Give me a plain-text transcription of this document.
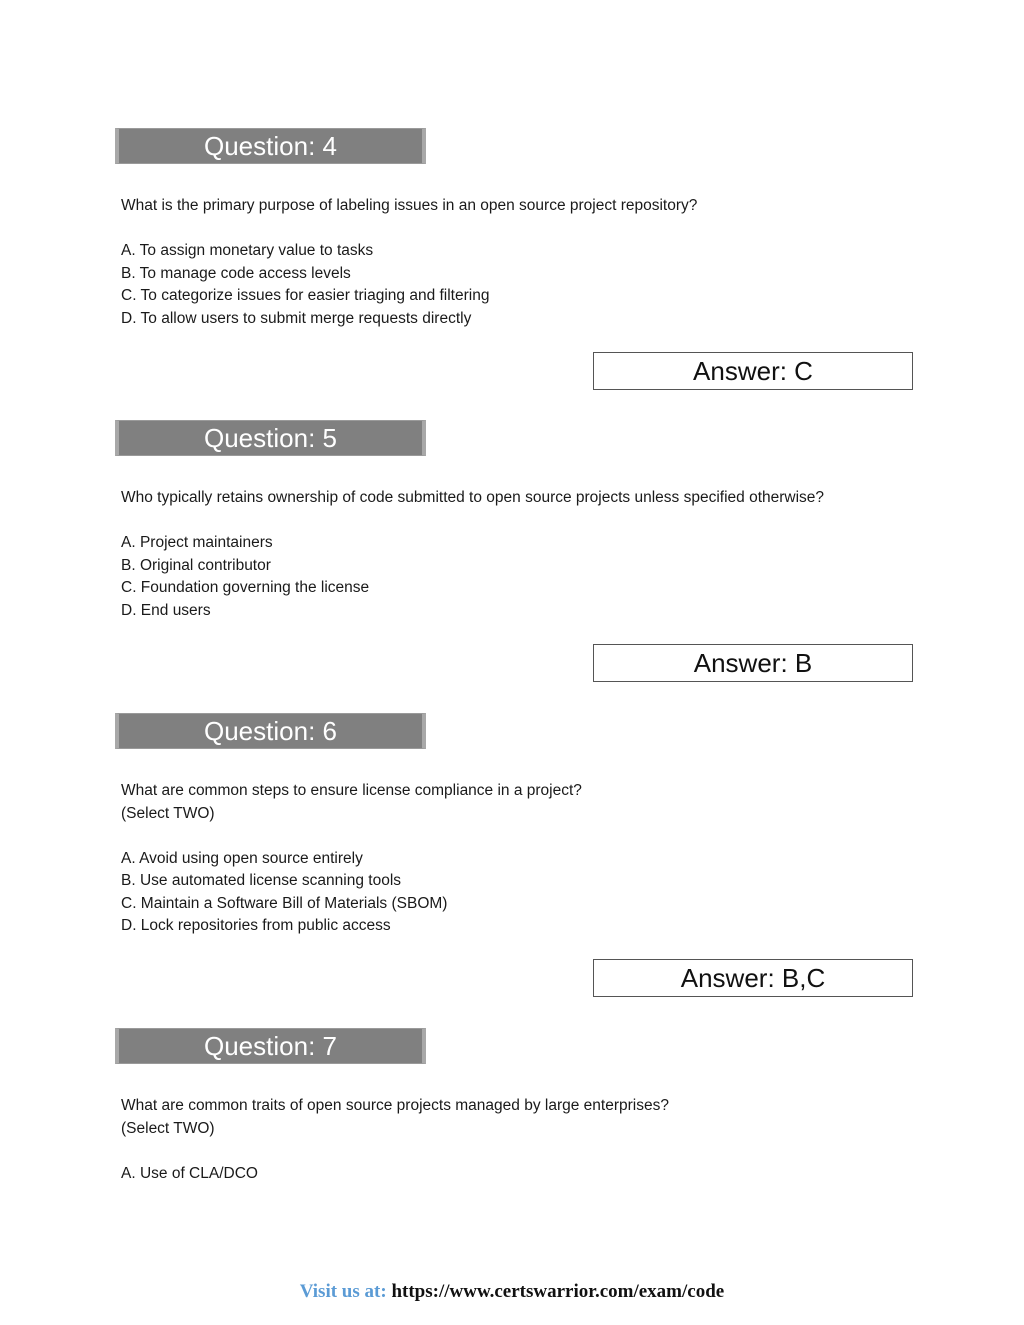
Question: 4
What is the primary purpose of labeling issues in an open source project repository?
A. To assign monetary value to tasks
B. To manage code access levels
C. To categorize issues for easier triaging and filtering
D. To allow users to submit merge requests directly
Answer: C
Question: 5
Who typically retains ownership of code submitted to open source projects unless specified otherwise?
A. Project maintainers
B. Original contributor
C. Foundation governing the license
D. End users
Answer: B
Question: 6
What are common steps to ensure license compliance in a project?
(Select TWO)
A. Avoid using open source entirely
B. Use automated license scanning tools
C. Maintain a Software Bill of Materials (SBOM)
D. Lock repositories from public access
Answer: B,C
Question: 7
What are common traits of open source projects managed by large enterprises?
(Select TWO)
A. Use of CLA/DCO
Visit us at: https://www.certswarrior.com/exam/code
